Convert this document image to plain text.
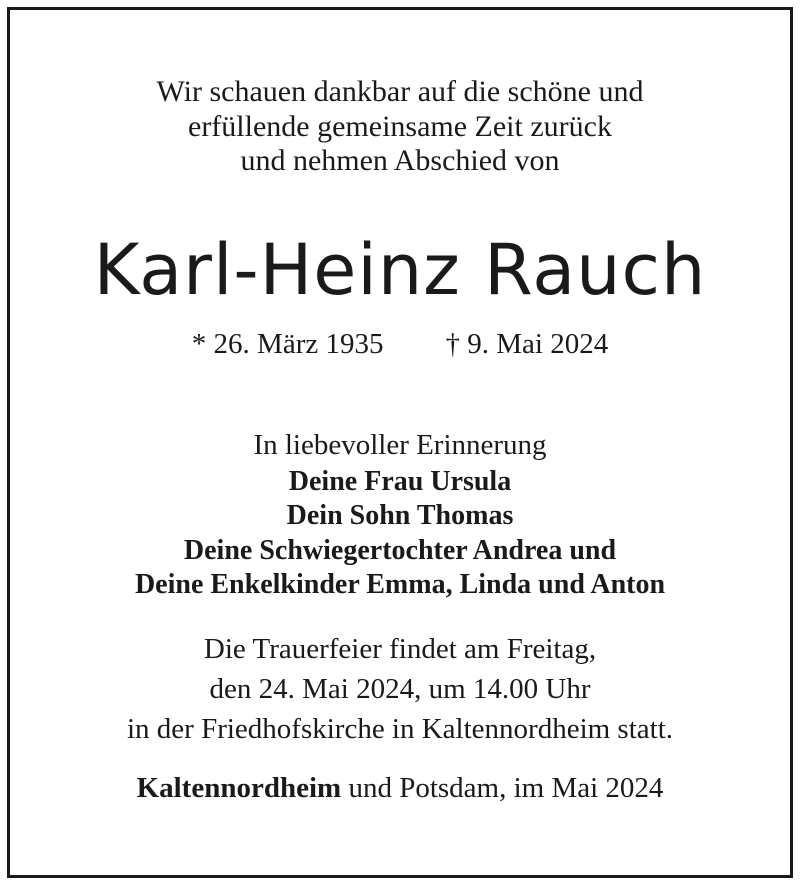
Wir schauen dankbar auf die schöne und
erfüllende gemeinsame Zeit zurück
und nehmen Abschied von
Karl-Heinz Rauch
* 26. März 1935 † 9. Mai 2024
In liebevoller Erinnerung
Deine Frau Ursula
Dein Sohn Thomas
Deine Schwiegertochter Andrea und
Deine Enkelkinder Emma, Linda und Anton
Die Trauerfeier findet am Freitag,
den 24. Mai 2024, um 14.00 Uhr
in der Friedhofskirche in Kaltennordheim statt.
Kaltennordheim und Potsdam, im Mai 2024
